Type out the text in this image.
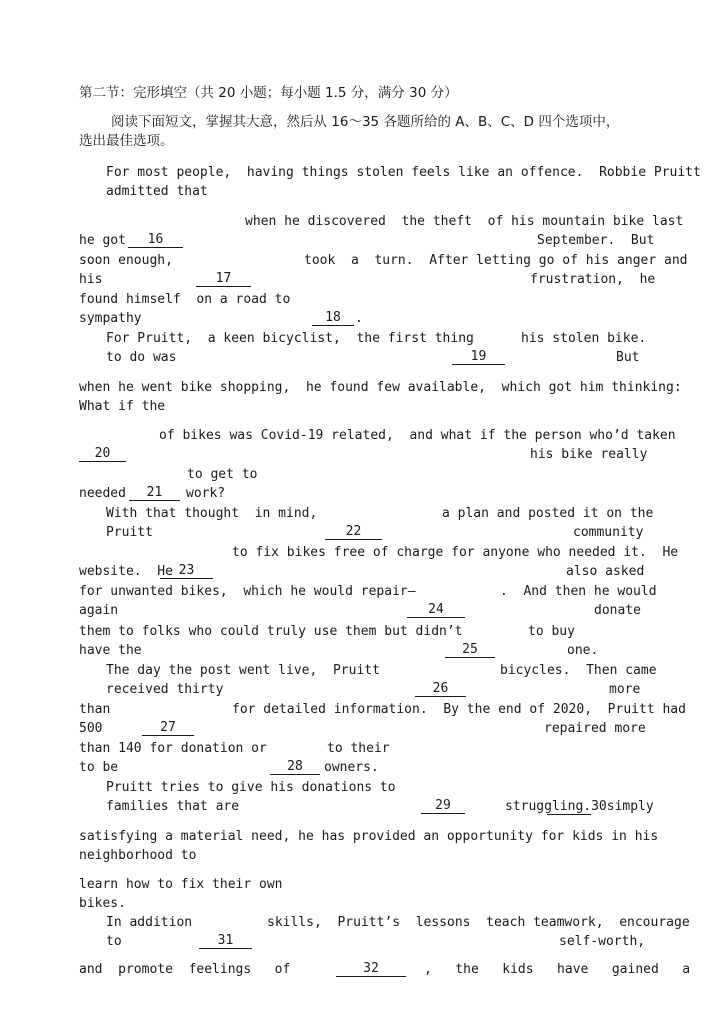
第二节：完形填空（共 20 小题；每小题 1.5 分，满分 30 分）
阅读下面短文，掌握其大意，然后从 16～35 各题所给的 A、B、C、D 四个选项中，
选出最佳选项。
For most people,  having things stolen feels like an offence.  Robbie Pruitt
admitted that
when he discovered  the theft  of his mountain bike last
he got	16	September.  But
soon enough,	took  a  turn.  After letting go of his anger and
his	17	frustration,  he
found himself  on a road to
sympathy	18	.
For Pruitt,  a keen bicyclist,  the first thing	his stolen bike.
to do was	19	But
when he went bike shopping,  he found few available,  which got him thinking:
What if the
of bikes was Covid-19 related,  and what if the person who’d taken
20	his bike really
to get to
needed	21	work?
With that thought  in mind,	a plan and posted it on the
Pruitt	22	community
to fix bikes free of charge for anyone who needed it.  He
website.  He 23	also asked
for unwanted bikes,  which he would repair—	.  And then he would
again	24	donate
them to folks who could truly use them but didn’t	to buy
have the	25	one.
The day the post went live,  Pruitt	bicycles.  Then came
received thirty	26	more
than	for detailed information.  By the end of 2020,  Pruitt had
500	27	repaired more
than 140 for donation or	to their
to be	28	owners.
Pruitt tries to give his donations to
families that are	29	struggling.30simply
satisfying a material need, he has provided an opportunity for kids in his
neighborhood to
learn how to fix their own
bikes.
In addition	skills,  Pruitt’s  lessons  teach teamwork,  encourage
to	31	self-worth,
and  promote  feelings   of	32	,   the   kids   have   gained   a
